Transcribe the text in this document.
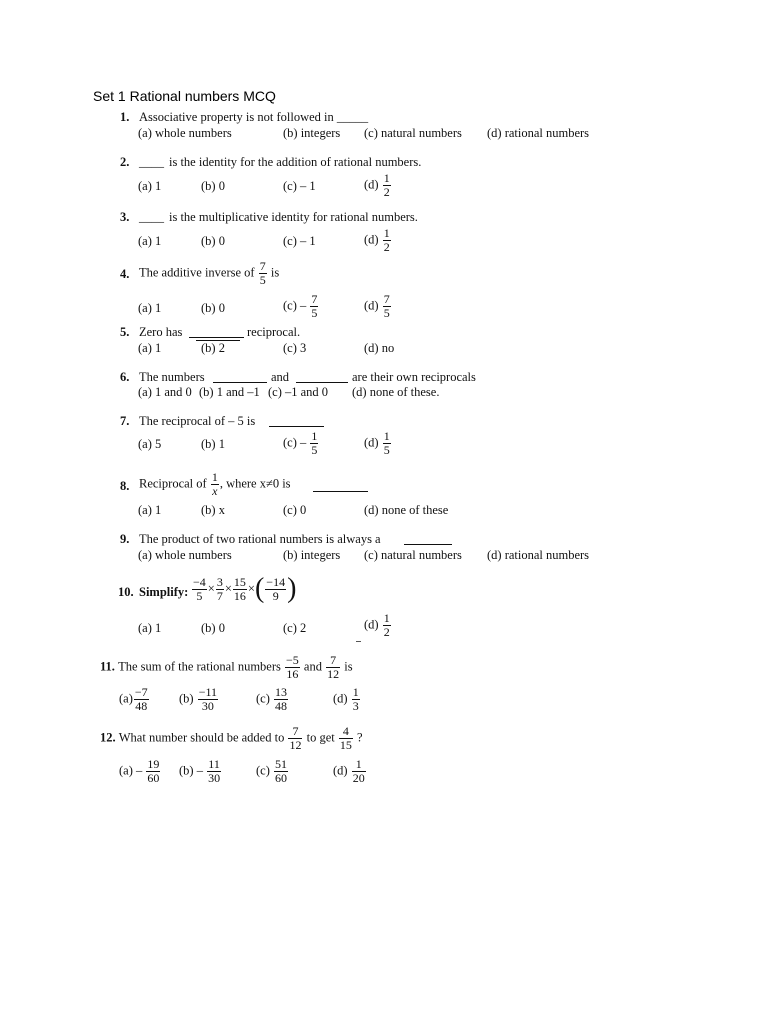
Set 1 Rational numbers MCQ
1. Associative property is not followed in _____
(a) whole numbers	(b) integers (c) natural numbers (d) rational numbers
2. ____ is the identity for the addition of rational numbers.
(a) 1	(b) 0	(c) – 1	$(d) \frac{1}{2}$
3. ____ is the multiplicative identity for rational numbers.
(a) 1	(b) 0	(c) – 1	$(d) \frac{1}{2}$
4. The additive inverse of $\frac{7}{5}$ is
(a) 1	(b) 0	$(c) - \frac{7}{5}$	$(d) \frac{7}{5}$
5. Zero has	reciprocal.
(a) 1	(b) 2	(c) 3	(d) no
6. The numbers	and	are their own reciprocals
(a) 1 and 0 (b) 1 and –1 (c) –1 and 0 (d) none of these.
7. The reciprocal of – 5 is
(a) 5	(b) 1	$(c) - \frac{1}{5}$	$(d) \frac{1}{5}$
8. Reciprocal of $\frac{1}{x}$ , where x≠0 is
(a) 1	(b) x	(c) 0	(d) none of these
9. The product of two rational numbers is always a
(a) whole numbers	(b) integers (c) natural numbers (d) rational numbers
10. Simplify: $\frac{-4}{5} \times \frac{3}{7} \times \frac{15}{16}$ ×( $\frac{-14}{9}$ )
(a) 1	(b) 0	(c) 2	$(d) \frac{1}{2}$
11. The sum of the rational numbers $\frac{-5}{16}$ and $\frac{7}{12}$ is
$(a) \frac{-7}{48} (b) \frac{-11}{30}$	$(c) \frac{13}{48}$	$(d) \frac{1}{3}$
12. What number should be added to $\frac{7}{12}$ to get $\frac{4}{15}$ ?
$(a) - \frac{19}{60} (b) - \frac{11}{30}$	$(c) \frac{51}{60}$	$(d) \frac{1}{20}$
